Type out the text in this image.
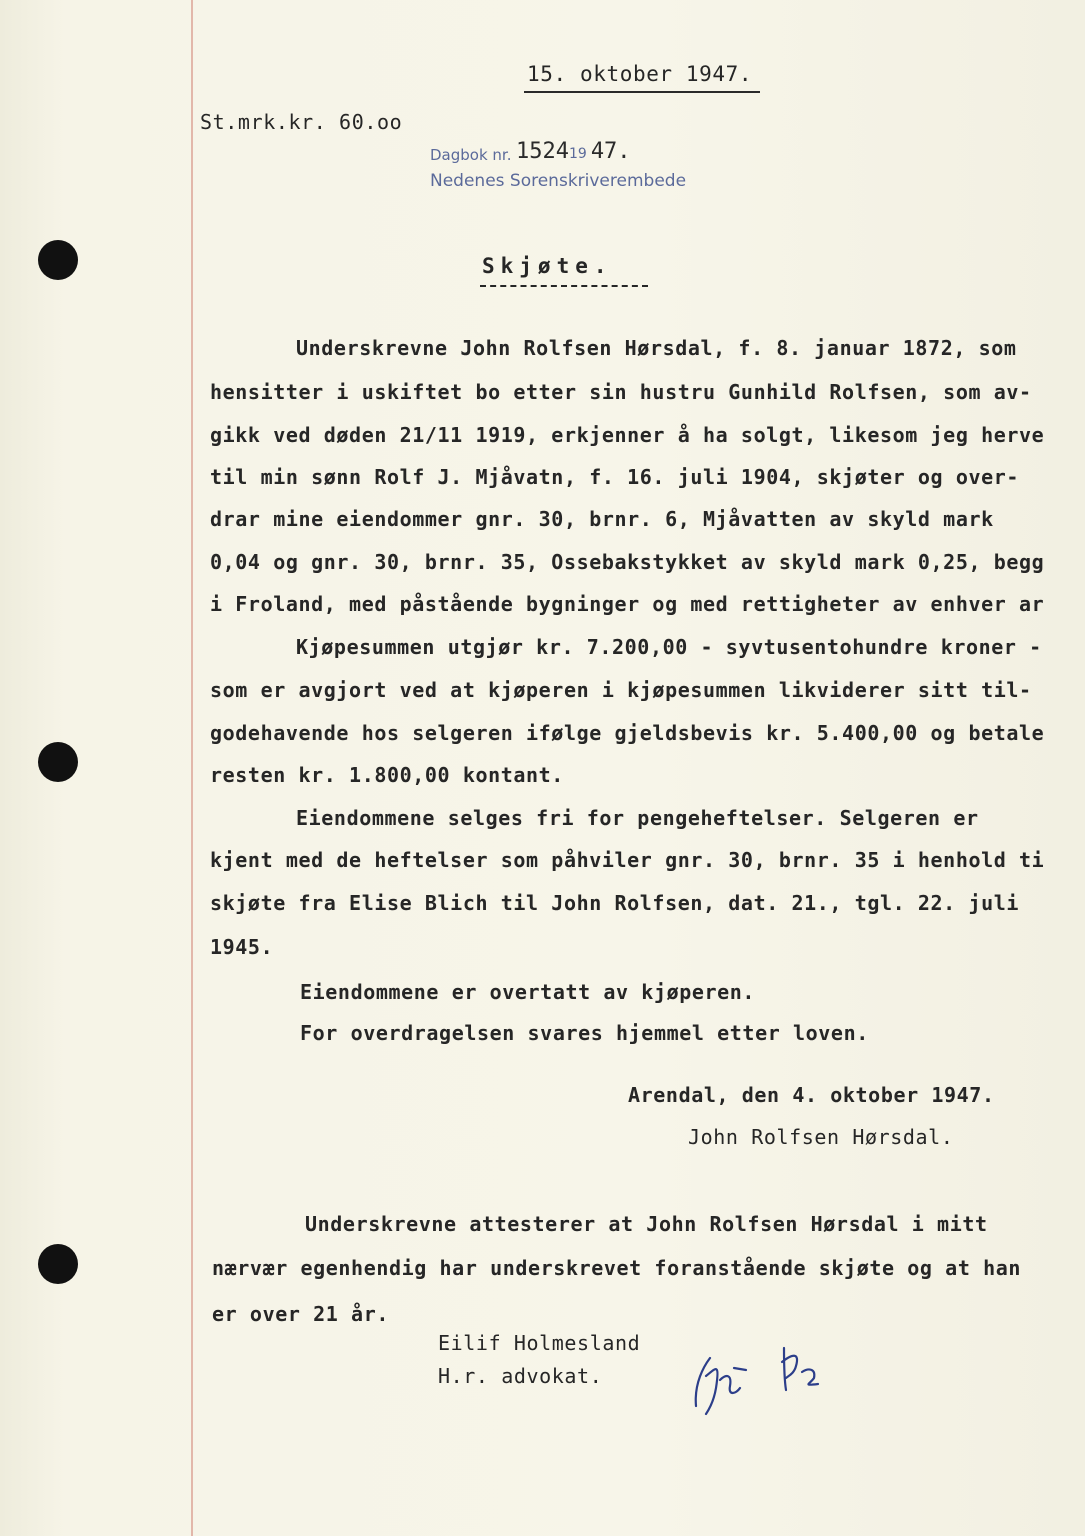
15. oktober 1947.
St.mrk.kr. 60.oo
Dagbok nr. 152419 47.
Nedenes Sorenskriverembede
Skjøte.
Underskrevne John Rolfsen Hørsdal, f. 8. januar 1872, som
hensitter i uskiftet bo etter sin hustru Gunhild Rolfsen, som av-
gikk ved døden 21/11 1919, erkjenner å ha solgt, likesom jeg herve
til min sønn Rolf J. Mjåvatn, f. 16. juli 1904, skjøter og over-
drar mine eiendommer gnr. 30, brnr. 6, Mjåvatten av skyld mark
0,04 og gnr. 30, brnr. 35, Ossebakstykket av skyld mark 0,25, begg
i Froland, med påstående bygninger og med rettigheter av enhver ar
Kjøpesummen utgjør kr. 7.200,00 - syvtusentohundre kroner -
som er avgjort ved at kjøperen i kjøpesummen likviderer sitt til-
godehavende hos selgeren ifølge gjeldsbevis kr. 5.400,00 og betale
resten kr. 1.800,00 kontant.
Eiendommene selges fri for pengeheftelser. Selgeren er
kjent med de heftelser som påhviler gnr. 30, brnr. 35 i henhold ti
skjøte fra Elise Blich til John Rolfsen, dat. 21., tgl. 22. juli
1945.
Eiendommene er overtatt av kjøperen.
For overdragelsen svares hjemmel etter loven.
Arendal, den 4. oktober 1947.
John Rolfsen Hørsdal.
Underskrevne attesterer at John Rolfsen Hørsdal i mitt
nærvær egenhendig har underskrevet foranstående skjøte og at han
er over 21 år.
Eilif Holmesland
H.r. advokat.
